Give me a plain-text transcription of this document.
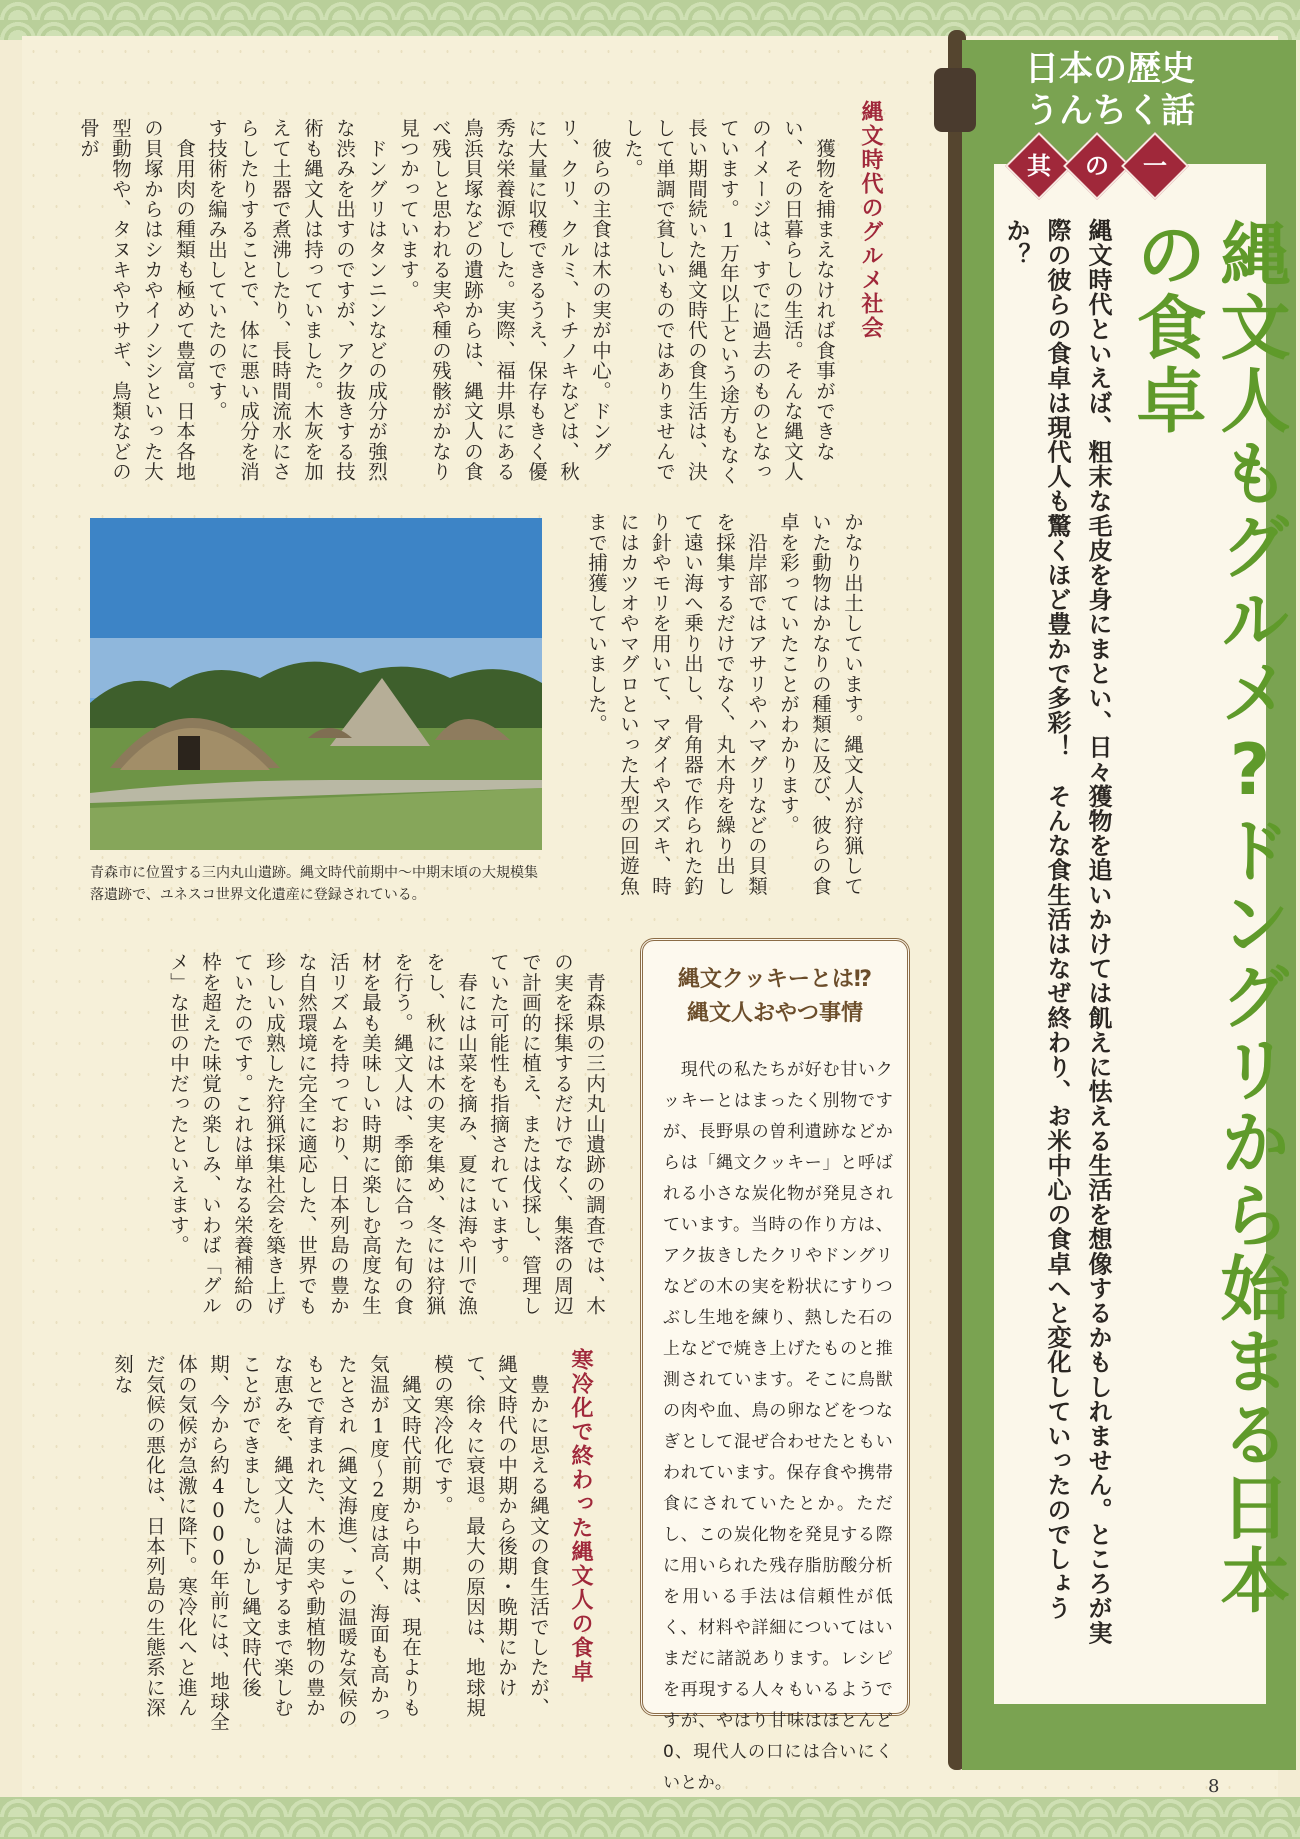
縄文時代のグルメ社会
　獲物を捕まえなければ食事ができない、その日暮らしの生活。そんな縄文人のイメージは、すでに過去のものとなっています。1万年以上という途方もなく長い期間続いた縄文時代の食生活は、決して単調で貧しいものではありませんでした。
　彼らの主食は木の実が中心。ドングリ、クリ、クルミ、トチノキなどは、秋に大量に収穫できるうえ、保存もきく優秀な栄養源でした。実際、福井県にある鳥浜貝塚などの遺跡からは、縄文人の食べ残しと思われる実や種の残骸がかなり見つかっています。
　ドングリはタンニンなどの成分が強烈な渋みを出すのですが、アク抜きする技術も縄文人は持っていました。木灰を加えて土器で煮沸したり、長時間流水にさらしたりすることで、体に悪い成分を消す技術を編み出していたのです。
　食用肉の種類も極めて豊富。日本各地の貝塚からはシカやイノシシといった大型動物や、タヌキやウサギ、鳥類などの骨が
青森市に位置する三内丸山遺跡。縄文時代前期中〜中期末頃の大規模集落遺跡で、ユネスコ世界文化遺産に登録されている。	かなり出土しています。縄文人が狩猟していた動物はかなりの種類に及び、彼らの食卓を彩っていたことがわかります。
　沿岸部ではアサリやハマグリなどの貝類を採集するだけでなく、丸木舟を繰り出して遠い海へ乗り出し、骨角器で作られた釣り針やモリを用いて、マダイやスズキ、時にはカツオやマグロといった大型の回遊魚まで捕獲していました。
　青森県の三内丸山遺跡の調査では、木の実を採集するだけでなく、集落の周辺で計画的に植え、または伐採し、管理していた可能性も指摘されています。
　春には山菜を摘み、夏には海や川で漁をし、秋には木の実を集め、冬には狩猟を行う。縄文人は、季節に合った旬の食材を最も美味しい時期に楽しむ高度な生活リズムを持っており、日本列島の豊かな自然環境に完全に適応した、世界でも珍しい成熟した狩猟採集社会を築き上げていたのです。これは単なる栄養補給の枠を超えた味覚の楽しみ、いわば「グルメ」な世の中だったといえます。
寒冷化で終わった縄文人の食卓
　豊かに思える縄文の食生活でしたが、縄文時代の中期から後期・晩期にかけて、徐々に衰退。最大の原因は、地球規模の寒冷化です。
　縄文時代前期から中期は、現在よりも気温が1度〜2度は高く、海面も高かったとされ（縄文海進）、この温暖な気候のもとで育まれた、木の実や動植物の豊かな恵みを、縄文人は満足するまで楽しむことができました。しかし縄文時代後期、今から約4000年前には、地球全体の気候が急激に降下。寒冷化へと進んだ気候の悪化は、日本列島の生態系に深刻な
縄文クッキーとは⁉
縄文人おやつ事情
　現代の私たちが好む甘いクッキーとはまったく別物ですが、長野県の曽利遺跡などからは「縄文クッキー」と呼ばれる小さな炭化物が発見されています。当時の作り方は、アク抜きしたクリやドングリなどの木の実を粉状にすりつぶし生地を練り、熱した石の上などで焼き上げたものと推測されています。そこに鳥獣の肉や血、鳥の卵などをつなぎとして混ぜ合わせたともいわれています。保存食や携帯食にされていたとか。ただし、この炭化物を発見する際に用いられた残存脂肪酸分析を用いる手法は信頼性が低く、材料や詳細についてはいまだに諸説あります。レシピを再現する人々もいるようですが、やはり甘味はほとんど0、現代人の口には合いにくいとか。
日本の歴史
うんちく話
其	の	一
縄文人もグルメ?ドングリから始まる日本の食卓
縄文時代といえば、粗末な毛皮を身にまとい、日々獲物を追いかけては飢えに怯える生活を想像するかもしれません。ところが実際の彼らの食卓は現代人も驚くほど豊かで多彩！　そんな食生活はなぜ終わり、お米中心の食卓へと変化していったのでしょうか？
8
